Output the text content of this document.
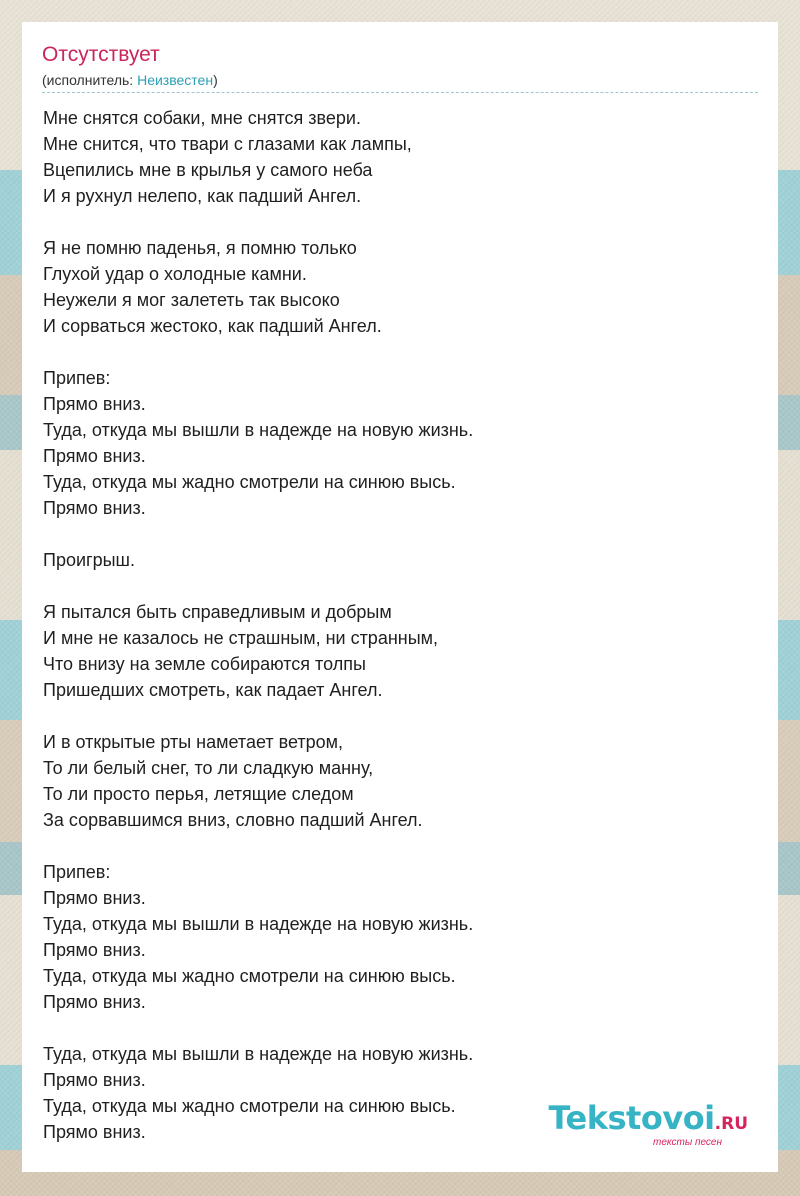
Отсутствует
(исполнитель: Неизвестен)
Мне снятся собаки, мне снятся звери.
Мне снится, что твари с глазами как лампы,
Вцепились мне в крылья у самого неба
И я рухнул нелепо, как падший Ангел.
Я не помню паденья, я помню только
Глухой удар о холодные камни.
Неужели я мог залететь так высоко
И сорваться жестоко, как падший Ангел.
Припев:
Прямо вниз.
Туда, откуда мы вышли в надежде на новую жизнь.
Прямо вниз.
Туда, откуда мы жадно смотрели на синюю высь.
Прямо вниз.
Проигрыш.
Я пытался быть справедливым и добрым
И мне не казалось не страшным, ни странным,
Что внизу на земле собираются толпы
Пришедших смотреть, как падает Ангел.
И в открытые рты наметает ветром,
То ли белый снег, то ли сладкую манну,
То ли просто перья, летящие следом
За сорвавшимся вниз, словно падший Ангел.
Припев:
Прямо вниз.
Туда, откуда мы вышли в надежде на новую жизнь.
Прямо вниз.
Туда, откуда мы жадно смотрели на синюю высь.
Прямо вниз.
Туда, откуда мы вышли в надежде на новую жизнь.
Прямо вниз.
Туда, откуда мы жадно смотрели на синюю высь.
Прямо вниз.	Tekstovoi.RU
тексты песен
